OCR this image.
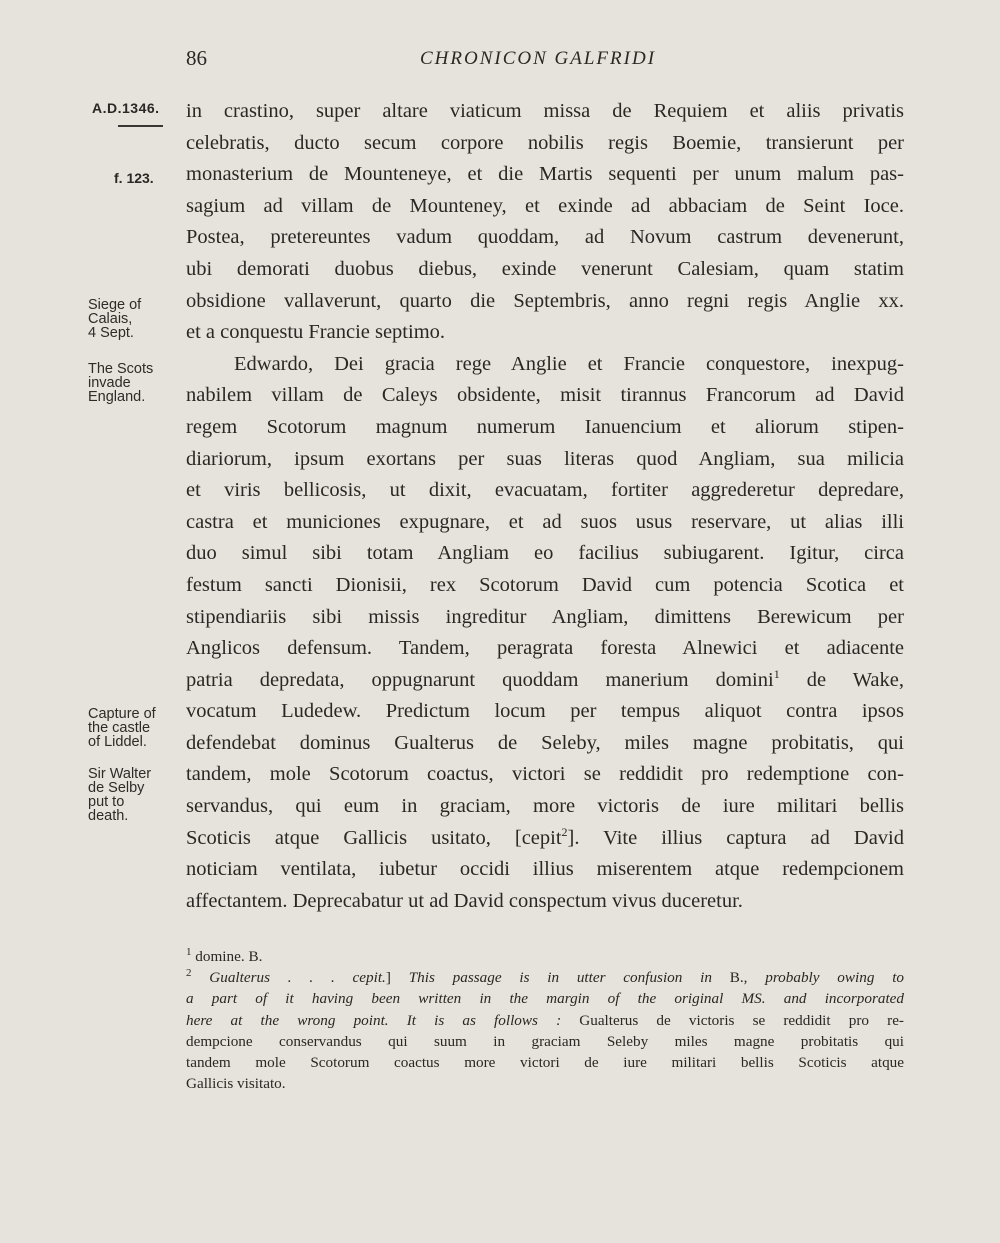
86	CHRONICON GALFRIDI
A.D.1346.
f. 123.
Siege of
Calais,
4 Sept.
The Scots
invade
England.
Capture of
the castle
of Liddel.
Sir Walter
de Selby
put to
death.
in crastino, super altare viaticum missa de Requiem et aliis privatis
celebratis, ducto secum corpore nobilis regis Boemie, transierunt per
monasterium de Mounteneye, et die Martis sequenti per unum malum pas-
sagium ad villam de Mounteney, et exinde ad abbaciam de Seint Ioce.
Postea, pretereuntes vadum quoddam, ad Novum castrum devenerunt,
ubi demorati duobus diebus, exinde venerunt Calesiam, quam statim
obsidione vallaverunt, quarto die Septembris, anno regni regis Anglie xx.
et a conquestu Francie septimo.
Edwardo, Dei gracia rege Anglie et Francie conquestore, inexpug-
nabilem villam de Caleys obsidente, misit tirannus Francorum ad David
regem Scotorum magnum numerum Ianuencium et aliorum stipen-
diariorum, ipsum exortans per suas literas quod Angliam, sua milicia
et viris bellicosis, ut dixit, evacuatam, fortiter aggrederetur depredare,
castra et municiones expugnare, et ad suos usus reservare, ut alias illi
duo simul sibi totam Angliam eo facilius subiugarent. Igitur, circa
festum sancti Dionisii, rex Scotorum David cum potencia Scotica et
stipendiariis sibi missis ingreditur Angliam, dimittens Berewicum per
Anglicos defensum. Tandem, peragrata foresta Alnewici et adiacente
patria depredata, oppugnarunt quoddam manerium domini$^1$ de Wake,
vocatum Ludedew. Predictum locum per tempus aliquot contra ipsos
defendebat dominus Gualterus de Seleby, miles magne probitatis, qui
tandem, mole Scotorum coactus, victori se reddidit pro redemptione con-
servandus, qui eum in graciam, more victoris de iure militari bellis
Scoticis atque Gallicis usitato, [cepit$^2$]. Vite illius captura ad David
noticiam ventilata, iubetur occidi illius miserentem atque redempcionem
affectantem. Deprecabatur ut ad David conspectum vivus duceretur.
$^1$ domine. B.
$^2$ Gualterus . . . cepit.] This passage is in utter confusion in B., probably owing to
a part of it having been written in the margin of the original MS. and incorporated
here at the wrong point. It is as follows : Gualterus de victoris se reddidit pro re-
dempcione conservandus qui suum in graciam Seleby miles magne probitatis qui
tandem mole Scotorum coactus more victori de iure militari bellis Scoticis atque
Gallicis visitato.
